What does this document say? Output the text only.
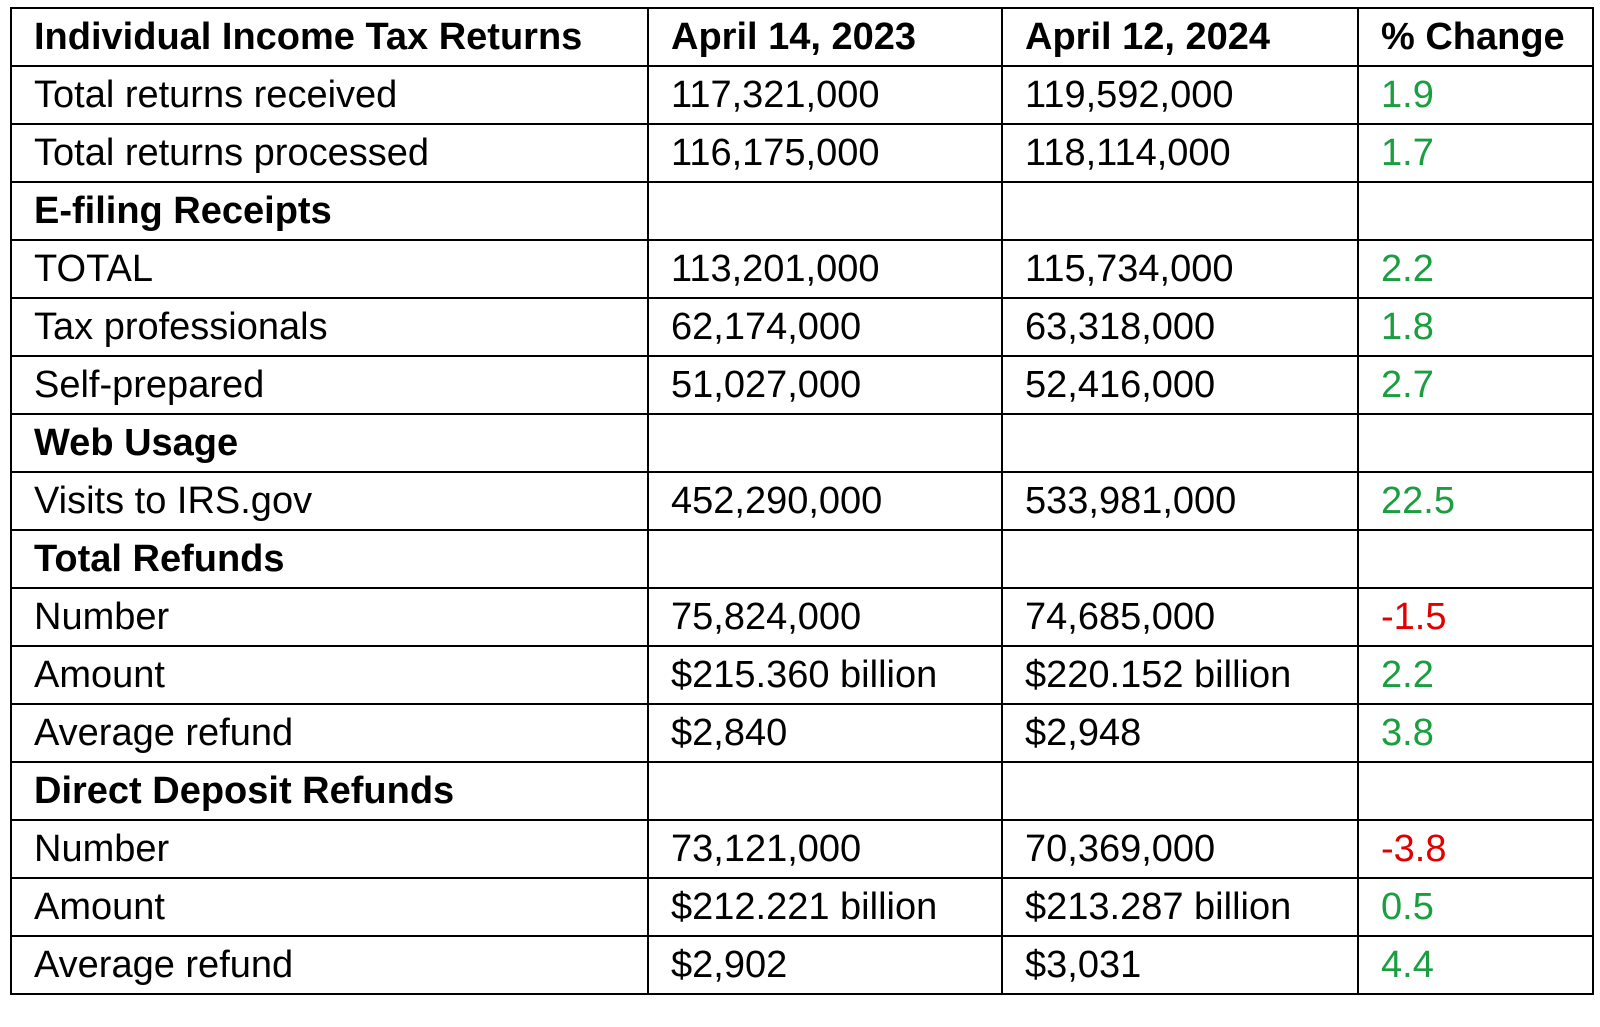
Individual Income Tax Returns	April 14, 2023	April 12, 2024	% Change
Total returns received	117,321,000	119,592,000	1.9
Total returns processed	116,175,000	118,114,000	1.7
E-filing Receipts			
TOTAL	113,201,000	115,734,000	2.2
Tax professionals	62,174,000	63,318,000	1.8
Self-prepared	51,027,000	52,416,000	2.7
Web Usage			
Visits to IRS.gov	452,290,000	533,981,000	22.5
Total Refunds			
Number	75,824,000	74,685,000	-1.5
Amount	$215.360 billion	$220.152 billion	2.2
Average refund	$2,840	$2,948	3.8
Direct Deposit Refunds			
Number	73,121,000	70,369,000	-3.8
Amount	$212.221 billion	$213.287 billion	0.5
Average refund	$2,902	$3,031	4.4
